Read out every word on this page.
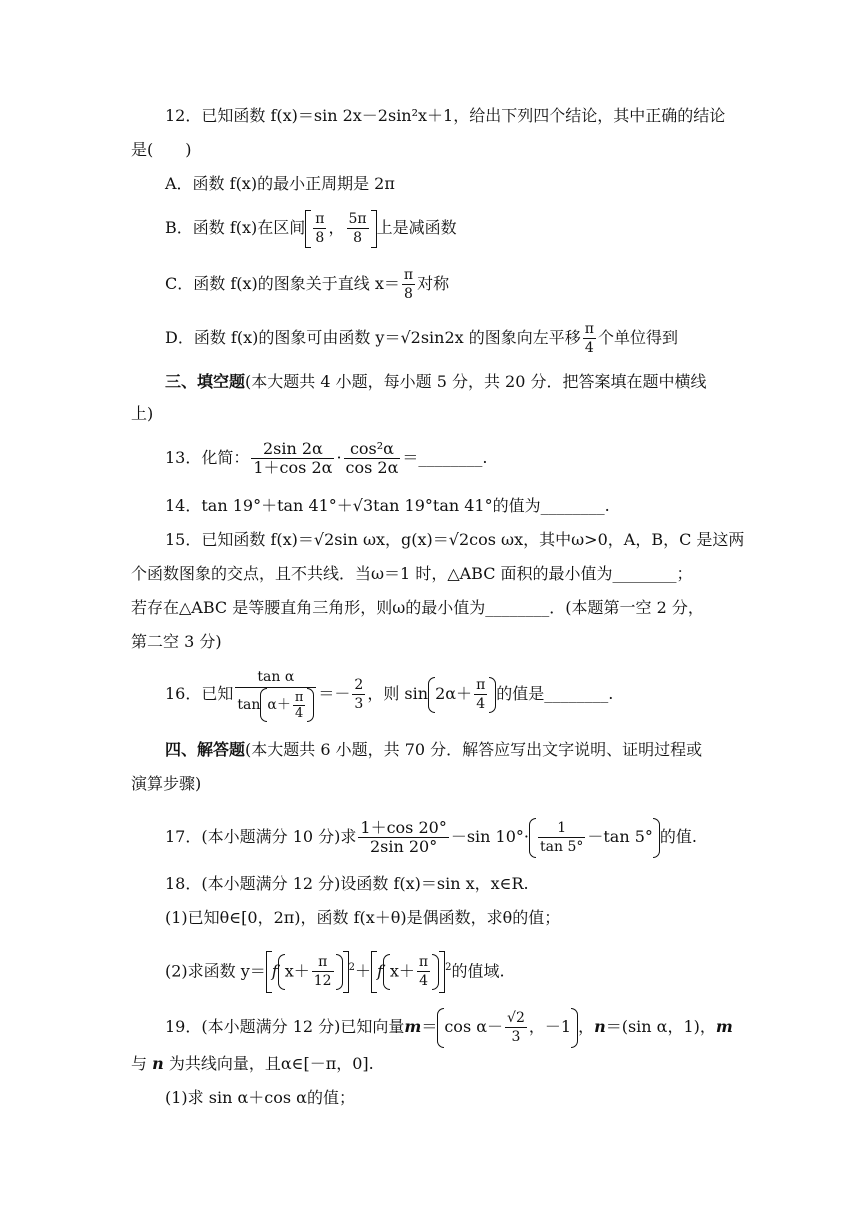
12．已知函数 f(x)＝sin 2x－2sin²x＋1，给出下列四个结论，其中正确的结论
是(　　)
A．函数 f(x)的最小正周期是 2π
B．函数 f(x)在区间 $\frac{\pi}{8}$ ， $\frac{5\pi}{8}$ 上是减函数
C．函数 f(x)的图象关于直线 $x= \frac{\pi}{8}$ 对称
D．函数 f(x)的图象可由函数 y＝√2sin2x 的图象向左平移 $\frac{\pi}{4}$ 个单位得到
三、填空题(本大题共 4 小题，每小题 5 分，共 20 分．把答案填在题中横线
上)
13．化简： $\frac{2\sin 2\alpha}{1+\cos 2\alpha} \cdot \frac{\text{cos²α}}{\cos 2\alpha}$ ＝________.
14．tan 19°＋tan 41°＋√3tan 19°tan 41°的值为________.
15．已知函数 f(x)＝√2sin ωx，g(x)＝√2cos ωx，其中ω>0，A，B，C 是这两
个函数图象的交点，且不共线．当ω＝1 时，△ABC 面积的最小值为________；
若存在△ABC 是等腰直角三角形，则ω的最小值为________．(本题第一空 2 分，
第二空 3 分)
16．已知 $\frac{\text{tan α}}{\tan \alpha+ \frac{\pi}{4}} =- \frac{2}{3}$ ，则 $\sin 2\alpha+ \frac{\pi}{4}$ 的值是________.
四、解答题(本大题共 6 小题，共 70 分．解答应写出文字说明、证明过程或
演算步骤)
17．(本小题满分 10 分)求 $\frac{1+\cos 20^\circ}{2\sin 20^\circ} -\sin$ $10^\circ\cdot \frac{1}{\tan 5^\circ} -\tan$ 5° 的值.
18．(本小题满分 12 分)设函数 f(x)＝sin x，x∈R.
(1)已知θ∈[0，2π)，函数 f(x＋θ)是偶函数，求θ的值；
(2)求函数 y＝ f $x+ \frac{\pi}{12} ^2+ f$ $x+ \frac{\pi}{4} ^2$的值域.
19．(本小题满分 12 分)已知向量$m= \cos \alpha- \frac{√2}{3}$ ，－1 ，n＝(sin α，1)，m
与 n 为共线向量，且α∈[－π，0].
(1)求 sin α＋cos α的值；
